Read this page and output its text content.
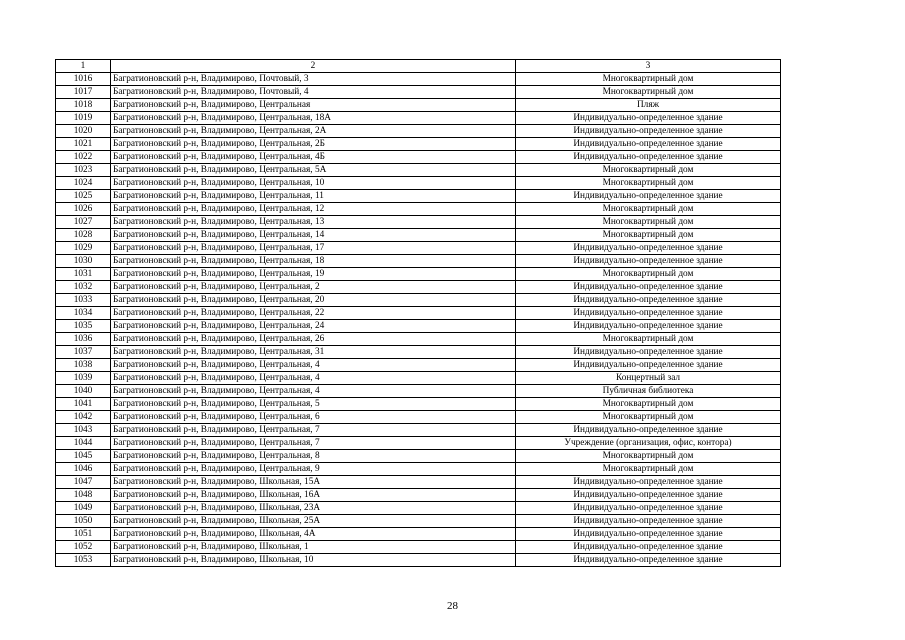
1	2	3
1016	Багратионовский р-н, Владимирово, Почтовый, 3	Многоквартирный дом
1017	Багратионовский р-н, Владимирово, Почтовый, 4	Многоквартирный дом
1018	Багратионовский р-н, Владимирово, Центральная	Пляж
1019	Багратионовский р-н, Владимирово, Центральная, 18А	Индивидуально-определенное здание
1020	Багратионовский р-н, Владимирово, Центральная, 2А	Индивидуально-определенное здание
1021	Багратионовский р-н, Владимирово, Центральная, 2Б	Индивидуально-определенное здание
1022	Багратионовский р-н, Владимирово, Центральная, 4Б	Индивидуально-определенное здание
1023	Багратионовский р-н, Владимирово, Центральная, 5А	Многоквартирный дом
1024	Багратионовский р-н, Владимирово, Центральная, 10	Многоквартирный дом
1025	Багратионовский р-н, Владимирово, Центральная, 11	Индивидуально-определенное здание
1026	Багратионовский р-н, Владимирово, Центральная, 12	Многоквартирный дом
1027	Багратионовский р-н, Владимирово, Центральная, 13	Многоквартирный дом
1028	Багратионовский р-н, Владимирово, Центральная, 14	Многоквартирный дом
1029	Багратионовский р-н, Владимирово, Центральная, 17	Индивидуально-определенное здание
1030	Багратионовский р-н, Владимирово, Центральная, 18	Индивидуально-определенное здание
1031	Багратионовский р-н, Владимирово, Центральная, 19	Многоквартирный дом
1032	Багратионовский р-н, Владимирово, Центральная, 2	Индивидуально-определенное здание
1033	Багратионовский р-н, Владимирово, Центральная, 20	Индивидуально-определенное здание
1034	Багратионовский р-н, Владимирово, Центральная, 22	Индивидуально-определенное здание
1035	Багратионовский р-н, Владимирово, Центральная, 24	Индивидуально-определенное здание
1036	Багратионовский р-н, Владимирово, Центральная, 26	Многоквартирный дом
1037	Багратионовский р-н, Владимирово, Центральная, 31	Индивидуально-определенное здание
1038	Багратионовский р-н, Владимирово, Центральная, 4	Индивидуально-определенное здание
1039	Багратионовский р-н, Владимирово, Центральная, 4	Концертный зал
1040	Багратионовский р-н, Владимирово, Центральная, 4	Публичная библиотека
1041	Багратионовский р-н, Владимирово, Центральная, 5	Многоквартирный дом
1042	Багратионовский р-н, Владимирово, Центральная, 6	Многоквартирный дом
1043	Багратионовский р-н, Владимирово, Центральная, 7	Индивидуально-определенное здание
1044	Багратионовский р-н, Владимирово, Центральная, 7	Учреждение (организация, офис, контора)
1045	Багратионовский р-н, Владимирово, Центральная, 8	Многоквартирный дом
1046	Багратионовский р-н, Владимирово, Центральная, 9	Многоквартирный дом
1047	Багратионовский р-н, Владимирово, Школьная, 15А	Индивидуально-определенное здание
1048	Багратионовский р-н, Владимирово, Школьная, 16А	Индивидуально-определенное здание
1049	Багратионовский р-н, Владимирово, Школьная, 23А	Индивидуально-определенное здание
1050	Багратионовский р-н, Владимирово, Школьная, 25А	Индивидуально-определенное здание
1051	Багратионовский р-н, Владимирово, Школьная, 4А	Индивидуально-определенное здание
1052	Багратионовский р-н, Владимирово, Школьная, 1	Индивидуально-определенное здание
1053	Багратионовский р-н, Владимирово, Школьная, 10	Индивидуально-определенное здание
28
